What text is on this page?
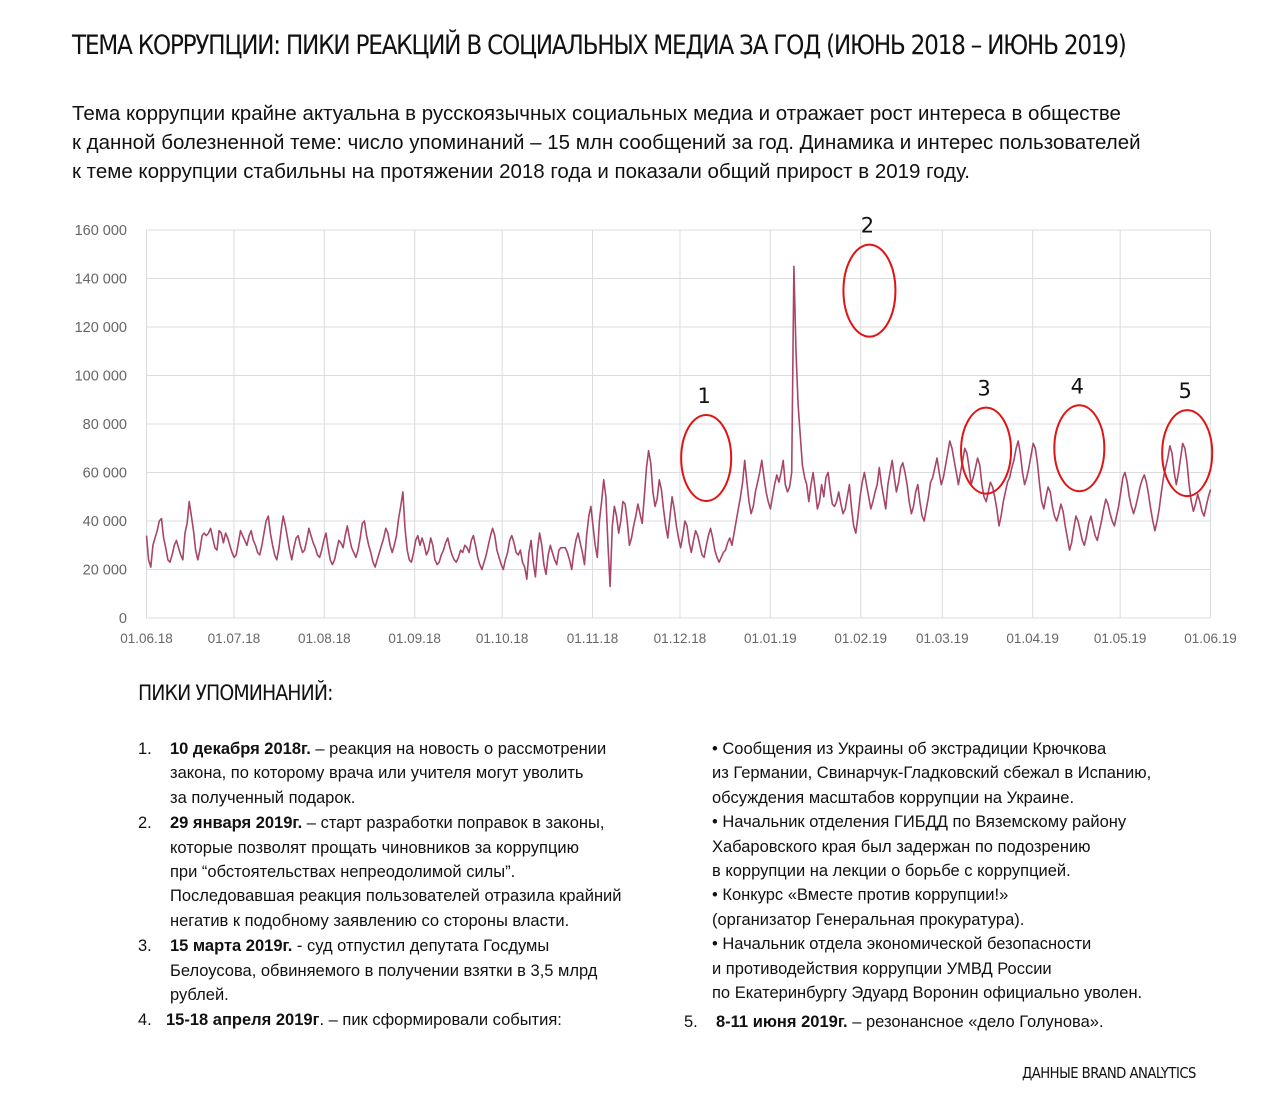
ТЕМА КОРРУПЦИИ: ПИКИ РЕАКЦИЙ В СОЦИАЛЬНЫХ МЕДИА ЗА ГОД (ИЮНЬ 2018 – ИЮНЬ 2019)
Тема коррупции крайне актуальна в русскоязычных социальных медиа и отражает рост интереса в обществе
к данной болезненной теме: число упоминаний – 15 млн сообщений за год. Динамика и интерес пользователей
к теме коррупции стабильны на протяжении 2018 года и показали общий прирост в 2019 году.
0
20 000
40 000
60 000
80 000
100 000
120 000
140 000
160 000
01.06.18	01.07.18	01.08.18	01.09.18	01.10.18	01.11.18	01.12.18	01.01.19	01.02.19 01.03.19	01.04.19	01.05.19	01.06.19
1
2
3	4	5
ПИКИ УПОМИНАНИЙ:
1. 10 декабря 2018г. – реакция на новость о рассмотрении
закона, по которому врача или учителя могут уволить
за полученный подарок.
2. 29 января 2019г. – старт разработки поправок в законы,
которые позволят прощать чиновников за коррупцию
при “обстоятельствах непреодолимой силы”.
Последовавшая реакция пользователей отразила крайний
негатив к подобному заявлению со стороны власти.
3. 15 марта 2019г. - суд отпустил депутата Госдумы
Белоусова, обвиняемого в получении взятки в 3,5 млрд
рублей.
4. 15-18 апреля 2019г. – пик сформировали события:
• Сообщения из Украины об экстрадиции Крючкова
из Германии, Свинарчук-Гладковский сбежал в Испанию,
обсуждения масштабов коррупции на Украине.
• Начальник отделения ГИБДД по Вяземскому району
Хабаровского края был задержан по подозрению
в коррупции на лекции о борьбе с коррупцией.
• Конкурс «Вместе против коррупции!»
(организатор Генеральная прокуратура).
• Начальник отдела экономической безопасности
и противодействия коррупции УМВД России
по Екатеринбургу Эдуард Воронин официально уволен.
5. 8-11 июня 2019г. – резонансное «дело Голунова».
ДАННЫЕ BRAND ANALYTICS
